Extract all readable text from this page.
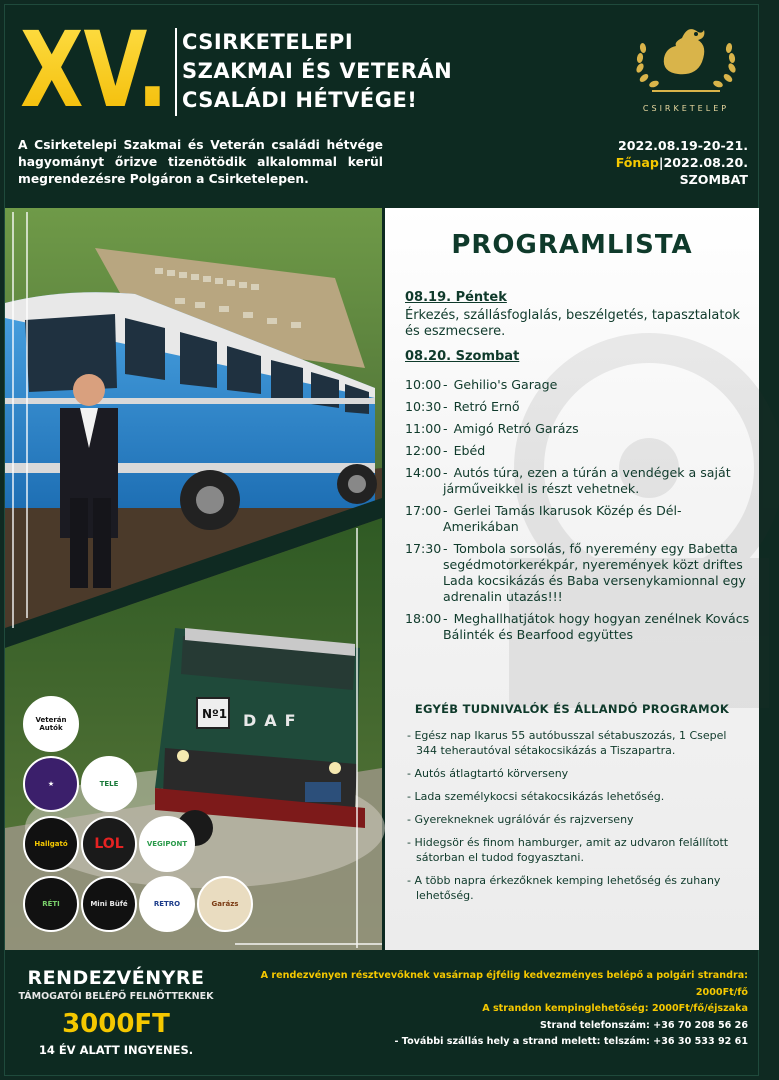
XV. CSIRKETELEPI
SZAKMAI ÉS VETERÁN
CSALÁDI HÉTVÉGE!	CSIRKETELEP
A Csirketelepi Szakmai és Veterán családi hétvége hagyományt őrizve tizenötödik alkalommal kerül megrendezésre Polgáron a Csirketelepen.
2022.08.19-20-21.
Főnap|2022.08.20.
SZOMBAT
Nº1 DAF
Veterán Autók
★	TELE
Hallgató	LOL	VEGIPONT
RÉTI	Mini Büfé	RETRO	Garázs
PROGRAMLISTA
08.19. Péntek
Érkezés, szállásfoglalás, beszélgetés, tapasztalatok és eszmecsere.
08.20. Szombat
10:00 - Gehilio's Garage
10:30 - Retró Ernő
11:00 - Amigó Retró Garázs
12:00 - Ebéd
14:00 - Autós túra, ezen a túrán a vendégek a saját járműveikkel is részt vehetnek.
17:00 - Gerlei Tamás Ikarusok Közép és Dél-Amerikában
17:30 - Tombola sorsolás, fő nyeremény egy Babetta segédmotorkerékpár, nyeremények közt driftes Lada kocsikázás és Baba versenykamionnal egy adrenalin utazás!!!
18:00 - Meghallhatjátok hogy hogyan zenélnek Kovács Bálinték és Bearfood együttes
EGYÉB TUDNIVALÓK ÉS ÁLLANDÓ PROGRAMOK
- Egész nap Ikarus 55 autóbusszal sétabuszozás, 1 Csepel 344 teherautóval sétakocsikázás a Tiszapartra.
- Autós átlagtartó körverseny
- Lada személykocsi sétakocsikázás lehetőség.
- Gyerekneknek ugrálóvár és rajzverseny
- Hidegsör és finom hamburger, amit az udvaron felállított sátorban el tudod fogyasztani.
- A több napra érkezőknek kemping lehetőség és zuhany lehetőség.
RENDEZVÉNYRE
TÁMOGATÓI BELÉPŐ FELNŐTTEKNEK
3000FT
14 ÉV ALATT INGYENES.
A rendezvényen résztvevőknek vasárnap éjfélig kedvezményes belépő a polgári strandra: 2000Ft/fő
A strandon kempinglehetőség: 2000Ft/fő/éjszaka
Strand telefonszám: +36 70 208 56 26
- További szállás hely a strand melett: telszám: +36 30 533 92 61
